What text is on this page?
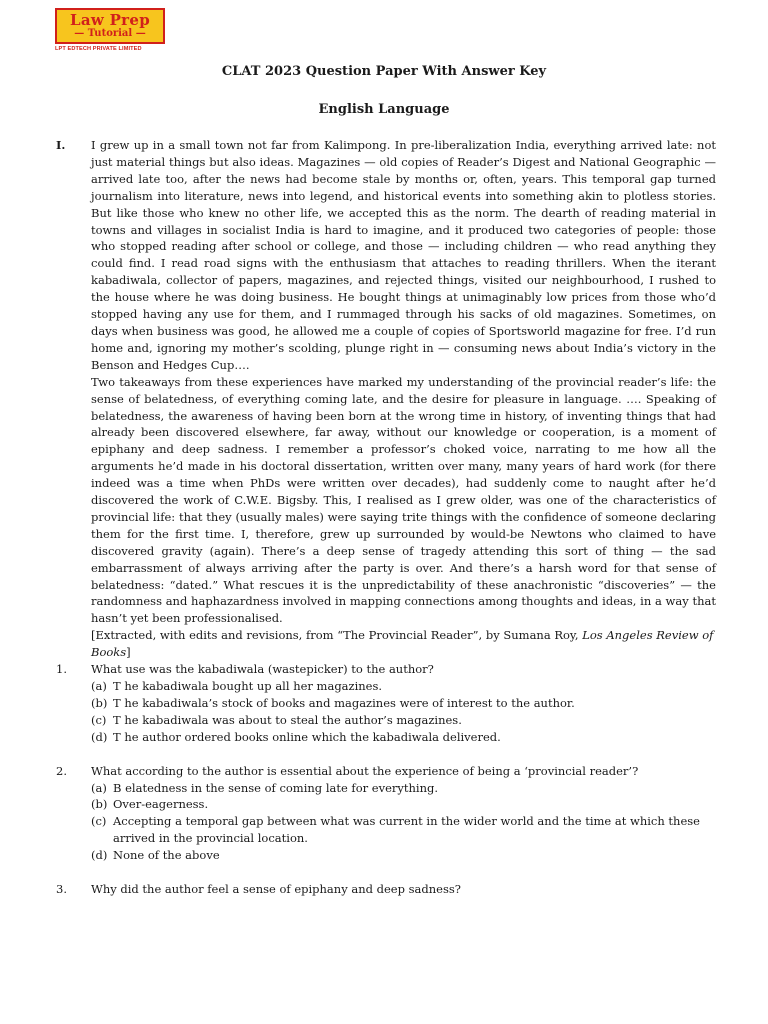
Law Prep
— Tutorial —
LPT EDTECH PRIVATE LIMITED
CLAT 2023 Question Paper With Answer Key
English Language
I.	I grew up in a small town not far from Kalimpong. In pre-liberalization India, everything arrived late: not just material things but also ideas. Magazines — old copies of Reader’s Digest and National Geographic — arrived late too, after the news had become stale by months or, often, years. This temporal gap turned journalism into literature, news into legend, and historical events into something akin to plotless stories. But like those who knew no other life, we accepted this as the norm. The dearth of reading material in towns and villages in socialist India is hard to imagine, and it produced two categories of people: those who stopped reading after school or college, and those — including children — who read anything they could find. I read road signs with the enthusiasm that attaches to reading thrillers. When the iterant kabadiwala, collector of papers, magazines, and rejected things, visited our neighbourhood, I rushed to the house where he was doing business. He bought things at unimaginably low prices from those who’d stopped having any use for them, and I rummaged through his sacks of old magazines. Sometimes, on days when business was good, he allowed me a couple of copies of Sportsworld magazine for free. I’d run home and, ignoring my mother’s scolding, plunge right in — consuming news about India’s victory in the Benson and Hedges Cup….

Two takeaways from these experiences have marked my understanding of the provincial reader’s life: the sense of belatedness, of everything coming late, and the desire for pleasure in language. …. Speaking of belatedness, the awareness of having been born at the wrong time in history, of inventing things that had already been discovered elsewhere, far away, without our knowledge or cooperation, is a moment of epiphany and deep sadness. I remember a professor’s choked voice, narrating to me how all the arguments he’d made in his doctoral dissertation, written over many, many years of hard work (for there indeed was a time when PhDs were written over decades), had suddenly come to naught after he’d discovered the work of C.W.E. Bigsby. This, I realised as I grew older, was one of the characteristics of provincial life: that they (usually males) were saying trite things with the confidence of someone declaring them for the first time. I, therefore, grew up surrounded by would-be Newtons who claimed to have discovered gravity (again). There’s a deep sense of tragedy attending this sort of thing — the sad embarrassment of always arriving after the party is over. And there’s a harsh word for that sense of belatedness: “dated.” What rescues it is the unpredictability of these anachronistic “discoveries” — the randomness and haphazardness involved in mapping connections among thoughts and ideas, in a way that hasn’t yet been professionalised.

[Extracted, with edits and revisions, from “The Provincial Reader”, by Sumana Roy, Los Angeles Review of Books]

1.	What use was the kabadiwala (wastepicker) to the author?

(a) T he kabadiwala bought up all her magazines.
(b) T he kabadiwala’s stock of books and magazines were of interest to the author.
(c) T he kabadiwala was about to steal the author’s magazines.
(d) T he author ordered books online which the kabadiwala delivered.
2.	What according to the author is essential about the experience of being a ‘provincial reader’?

(a) B elatedness in the sense of coming late for everything.
(b) Over-eagerness.
(c) Accepting a temporal gap between what was current in the wider world and the time at which these arrived in the provincial location.
(d) None of the above
3.	Why did the author feel a sense of epiphany and deep sadness?
